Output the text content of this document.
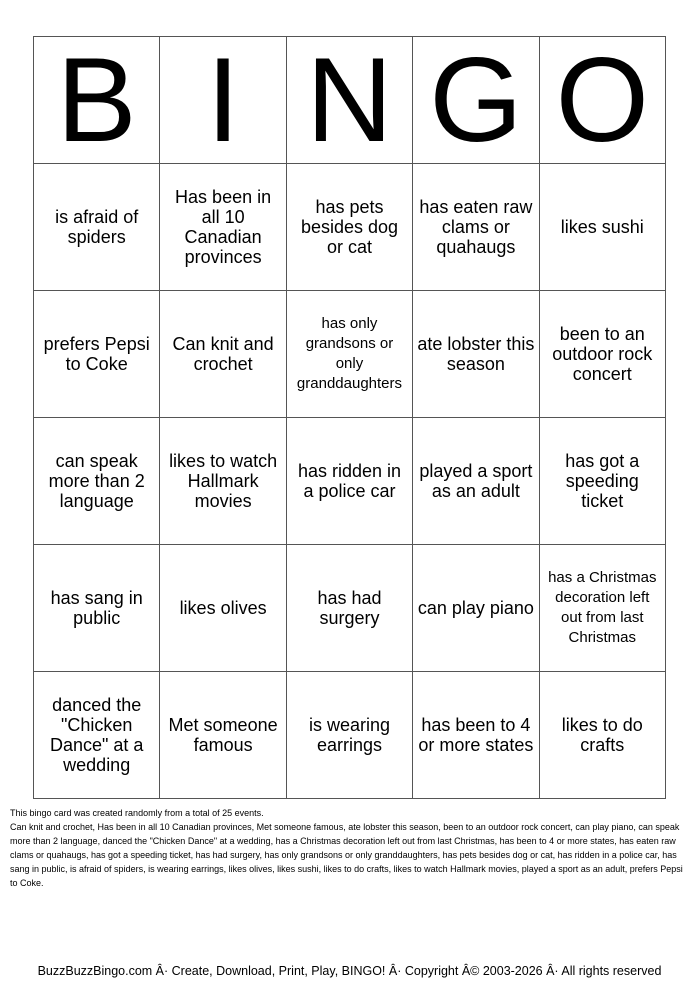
B	I	N	G	O
is afraid of spiders	Has been in all 10 Canadian provinces	has pets besides dog or cat	has eaten raw clams or quahaugs	likes sushi
prefers Pepsi to Coke	Can knit and crochet	has only grandsons or only granddaughters	ate lobster this season	been to an outdoor rock concert
can speak more than 2 language	likes to watch Hallmark movies	has ridden in a police car	played a sport as an adult	has got a speeding ticket
has sang in public	likes olives	has had surgery	can play piano	has a Christmas decoration left out from last Christmas
danced the "Chicken Dance" at a wedding	Met someone famous	is wearing earrings	has been to 4 or more states	likes to do crafts

This bingo card was created randomly from a total of 25 events.

Can knit and crochet, Has been in all 10 Canadian provinces, Met someone famous, ate lobster this season, been to an outdoor rock concert, can play piano, can speak more than 2 language, danced the "Chicken Dance" at a wedding, has a Christmas decoration left out from last Christmas, has been to 4 or more states, has eaten raw clams or quahaugs, has got a speeding ticket, has had surgery, has only grandsons or only granddaughters, has pets besides dog or cat, has ridden in a police car, has sang in public, is afraid of spiders, is wearing earrings, likes olives, likes sushi, likes to do crafts, likes to watch Hallmark movies, played a sport as an adult, prefers Pepsi to Coke.

BuzzBuzzBingo.com Â· Create, Download, Print, Play, BINGO! Â· Copyright Â© 2003-2026 Â· All rights reserved
